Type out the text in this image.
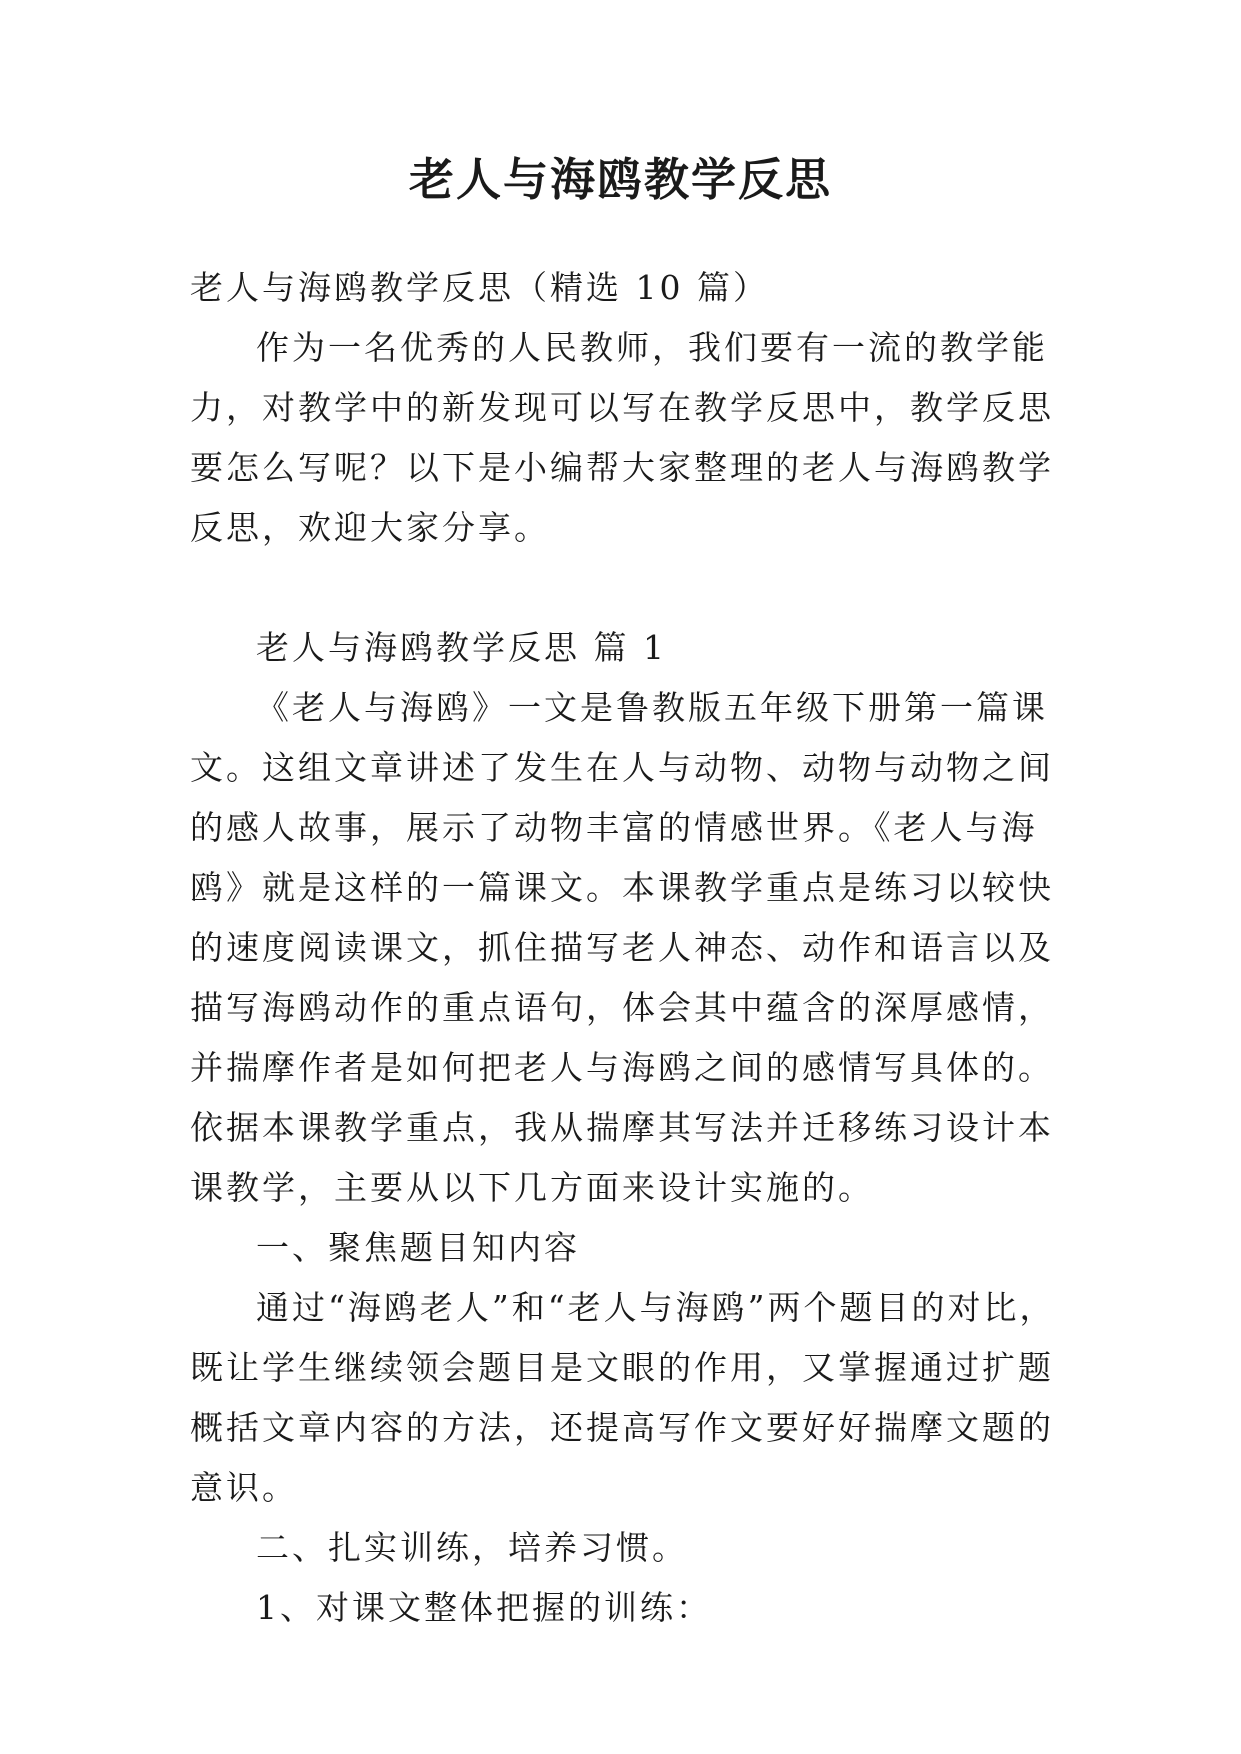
老人与海鸥教学反思

老人与海鸥教学反思（精选 10 篇）

作为一名优秀的人民教师，我们要有一流的教学能力，对教学中的新发现可以写在教学反思中，教学反思要怎么写呢？以下是小编帮大家整理的老人与海鸥教学反思，欢迎大家分享。

老人与海鸥教学反思 篇 1

《老人与海鸥》一文是鲁教版五年级下册第一篇课文。这组文章讲述了发生在人与动物、动物与动物之间的感人故事，展示了动物丰富的情感世界。《老人与海鸥》就是这样的一篇课文。本课教学重点是练习以较快的速度阅读课文，抓住描写老人神态、动作和语言以及描写海鸥动作的重点语句，体会其中蕴含的深厚感情，并揣摩作者是如何把老人与海鸥之间的感情写具体的。依据本课教学重点，我从揣摩其写法并迁移练习设计本课教学，主要从以下几方面来设计实施的。

一、聚焦题目知内容

通过“海鸥老人”和“老人与海鸥”两个题目的对比，既让学生继续领会题目是文眼的作用，又掌握通过扩题概括文章内容的方法，还提高写作文要好好揣摩文题的意识。

二、扎实训练，培养习惯。

1、对课文整体把握的训练：
